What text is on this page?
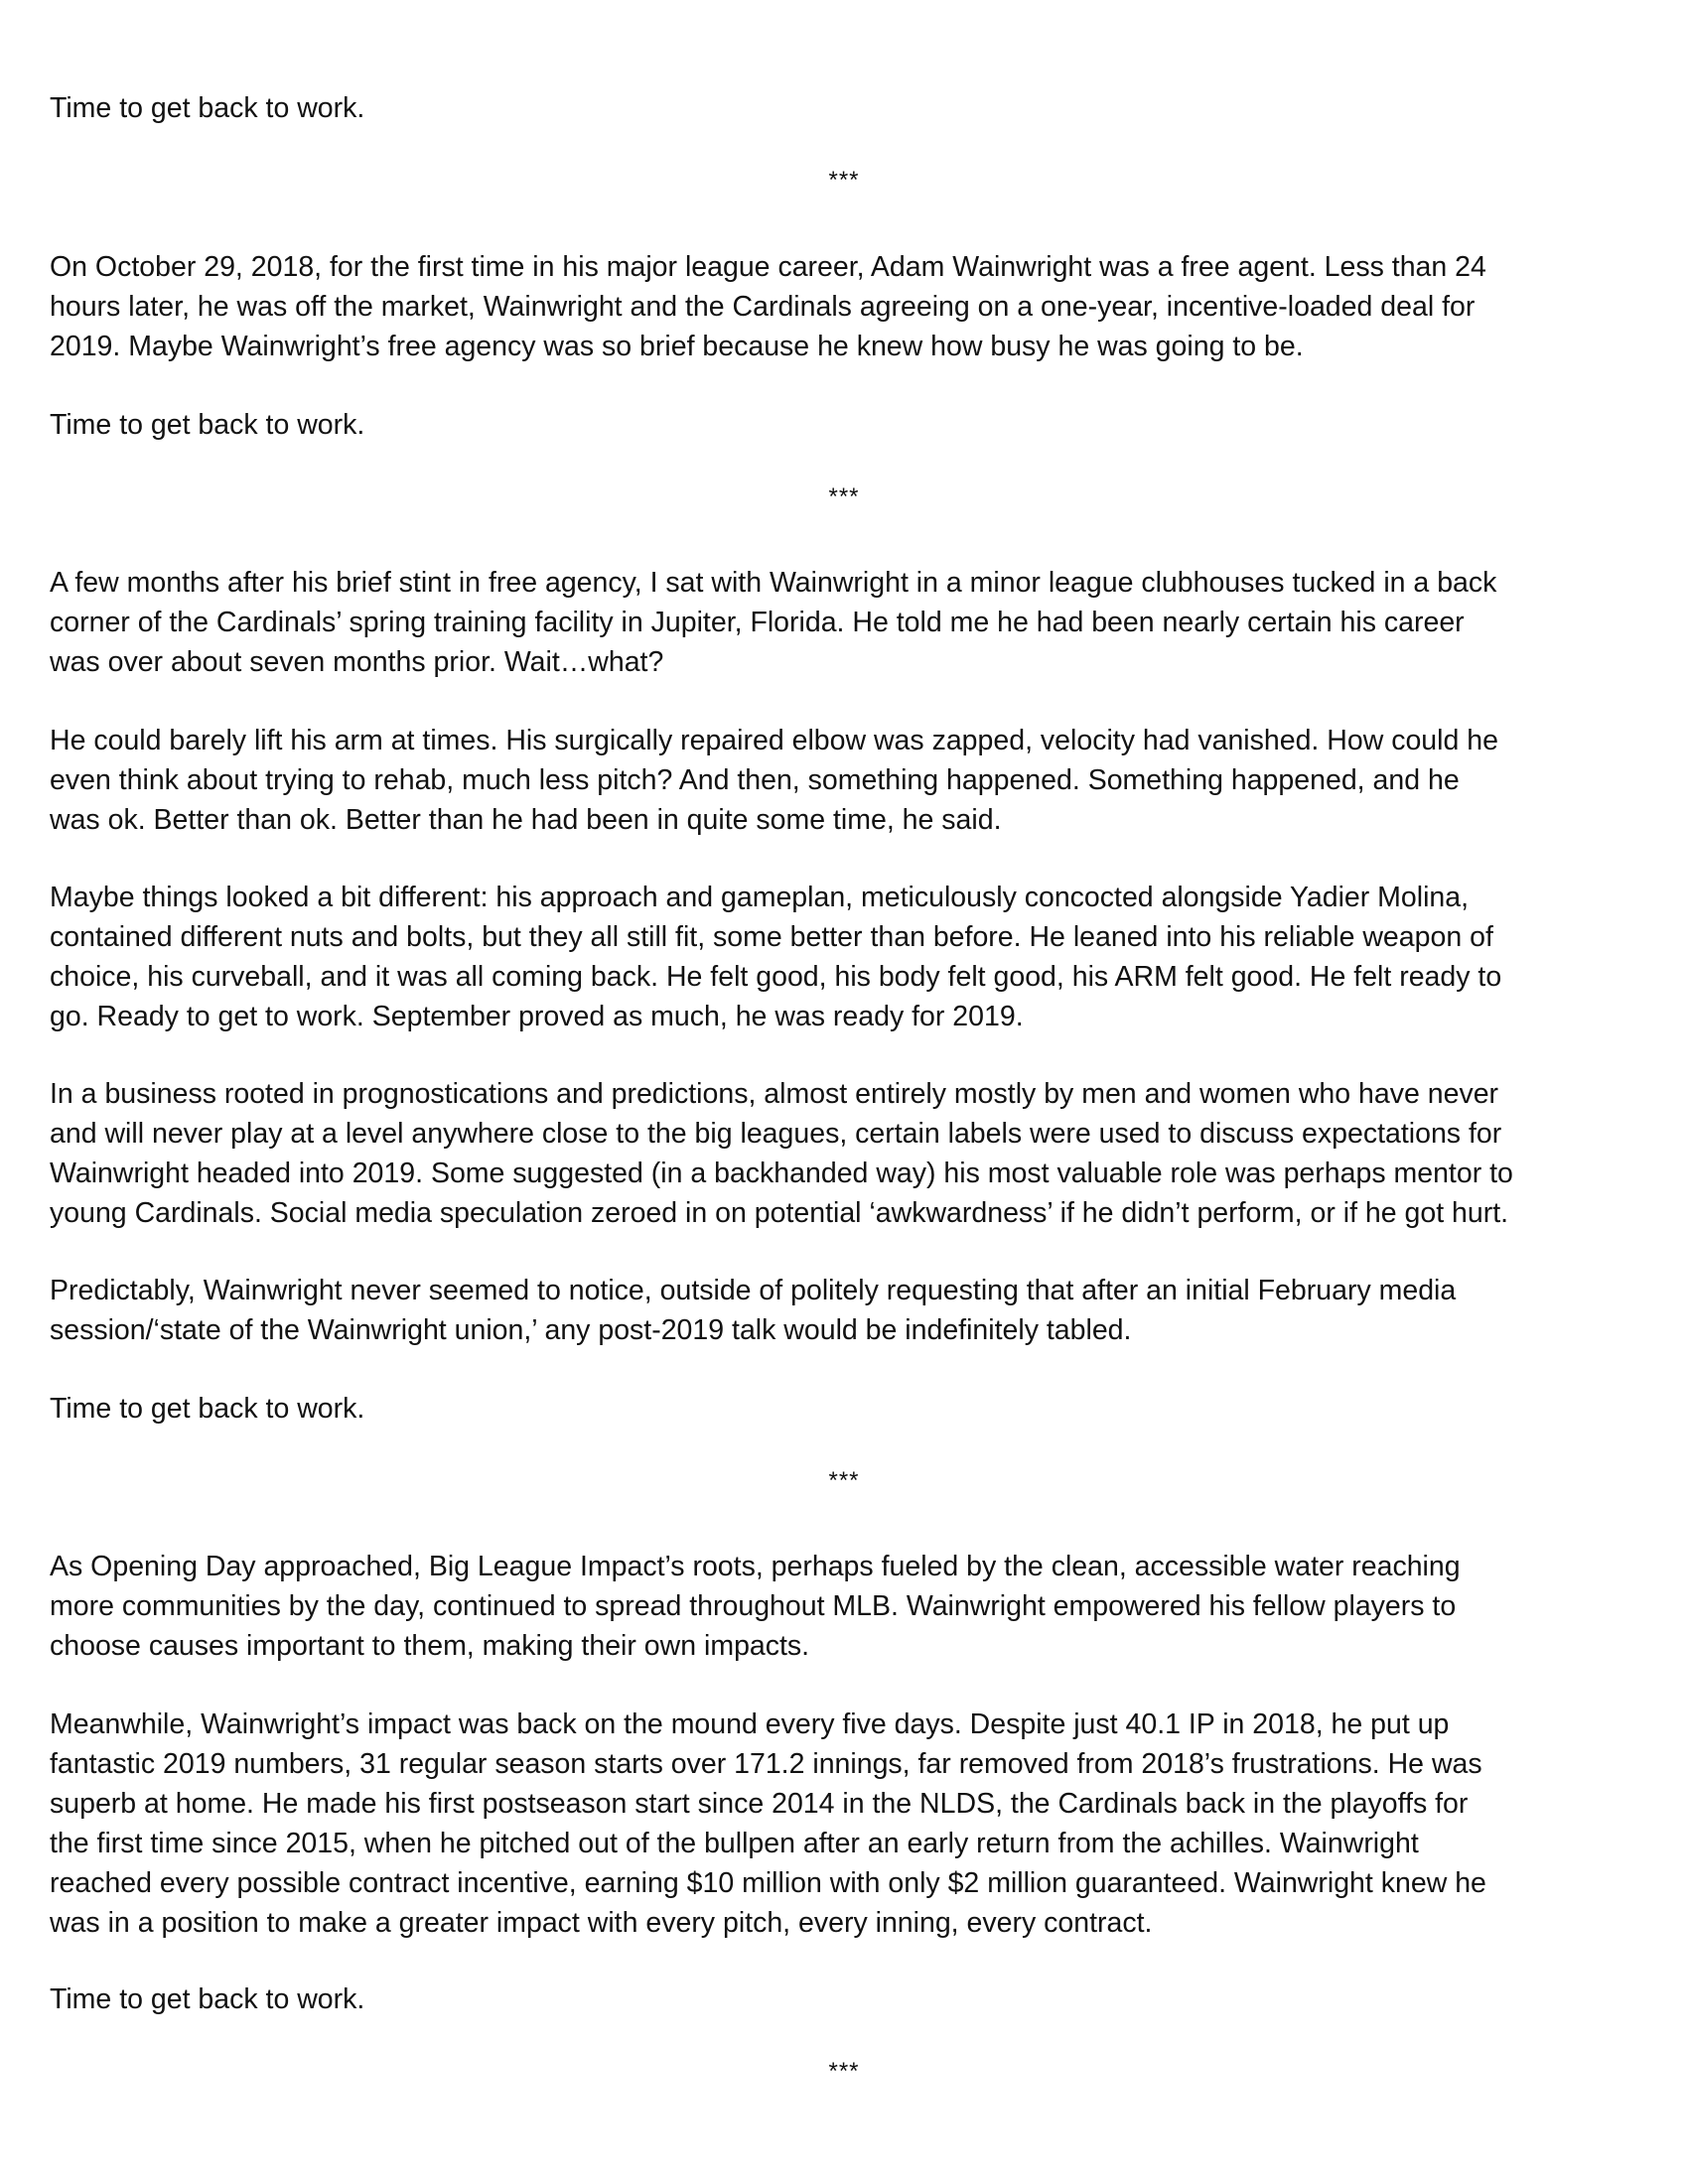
Time to get back to work.

***

On October 29, 2018, for the first time in his major league career, Adam Wainwright was a free agent. Less than 24
hours later, he was off the market, Wainwright and the Cardinals agreeing on a one-year, incentive-loaded deal for
2019. Maybe Wainwright’s free agency was so brief because he knew how busy he was going to be.

Time to get back to work.

***

A few months after his brief stint in free agency, I sat with Wainwright in a minor league clubhouses tucked in a back
corner of the Cardinals’ spring training facility in Jupiter, Florida. He told me he had been nearly certain his career
was over about seven months prior. Wait…what?

He could barely lift his arm at times. His surgically repaired elbow was zapped, velocity had vanished. How could he
even think about trying to rehab, much less pitch? And then, something happened. Something happened, and he
was ok. Better than ok. Better than he had been in quite some time, he said.

Maybe things looked a bit different: his approach and gameplan, meticulously concocted alongside Yadier Molina,
contained different nuts and bolts, but they all still fit, some better than before. He leaned into his reliable weapon of
choice, his curveball, and it was all coming back. He felt good, his body felt good, his ARM felt good. He felt ready to
go. Ready to get to work. September proved as much, he was ready for 2019.

In a business rooted in prognostications and predictions, almost entirely mostly by men and women who have never
and will never play at a level anywhere close to the big leagues, certain labels were used to discuss expectations for
Wainwright headed into 2019. Some suggested (in a backhanded way) his most valuable role was perhaps mentor to
young Cardinals. Social media speculation zeroed in on potential ‘awkwardness’ if he didn’t perform, or if he got hurt.

Predictably, Wainwright never seemed to notice, outside of politely requesting that after an initial February media
session/‘state of the Wainwright union,’ any post-2019 talk would be indefinitely tabled.

Time to get back to work.

***

As Opening Day approached, Big League Impact’s roots, perhaps fueled by the clean, accessible water reaching
more communities by the day, continued to spread throughout MLB. Wainwright empowered his fellow players to
choose causes important to them, making their own impacts.

Meanwhile, Wainwright’s impact was back on the mound every five days. Despite just 40.1 IP in 2018, he put up
fantastic 2019 numbers, 31 regular season starts over 171.2 innings, far removed from 2018’s frustrations. He was
superb at home. He made his first postseason start since 2014 in the NLDS, the Cardinals back in the playoffs for
the first time since 2015, when he pitched out of the bullpen after an early return from the achilles. Wainwright
reached every possible contract incentive, earning $10 million with only $2 million guaranteed. Wainwright knew he
was in a position to make a greater impact with every pitch, every inning, every contract.

Time to get back to work.

***
